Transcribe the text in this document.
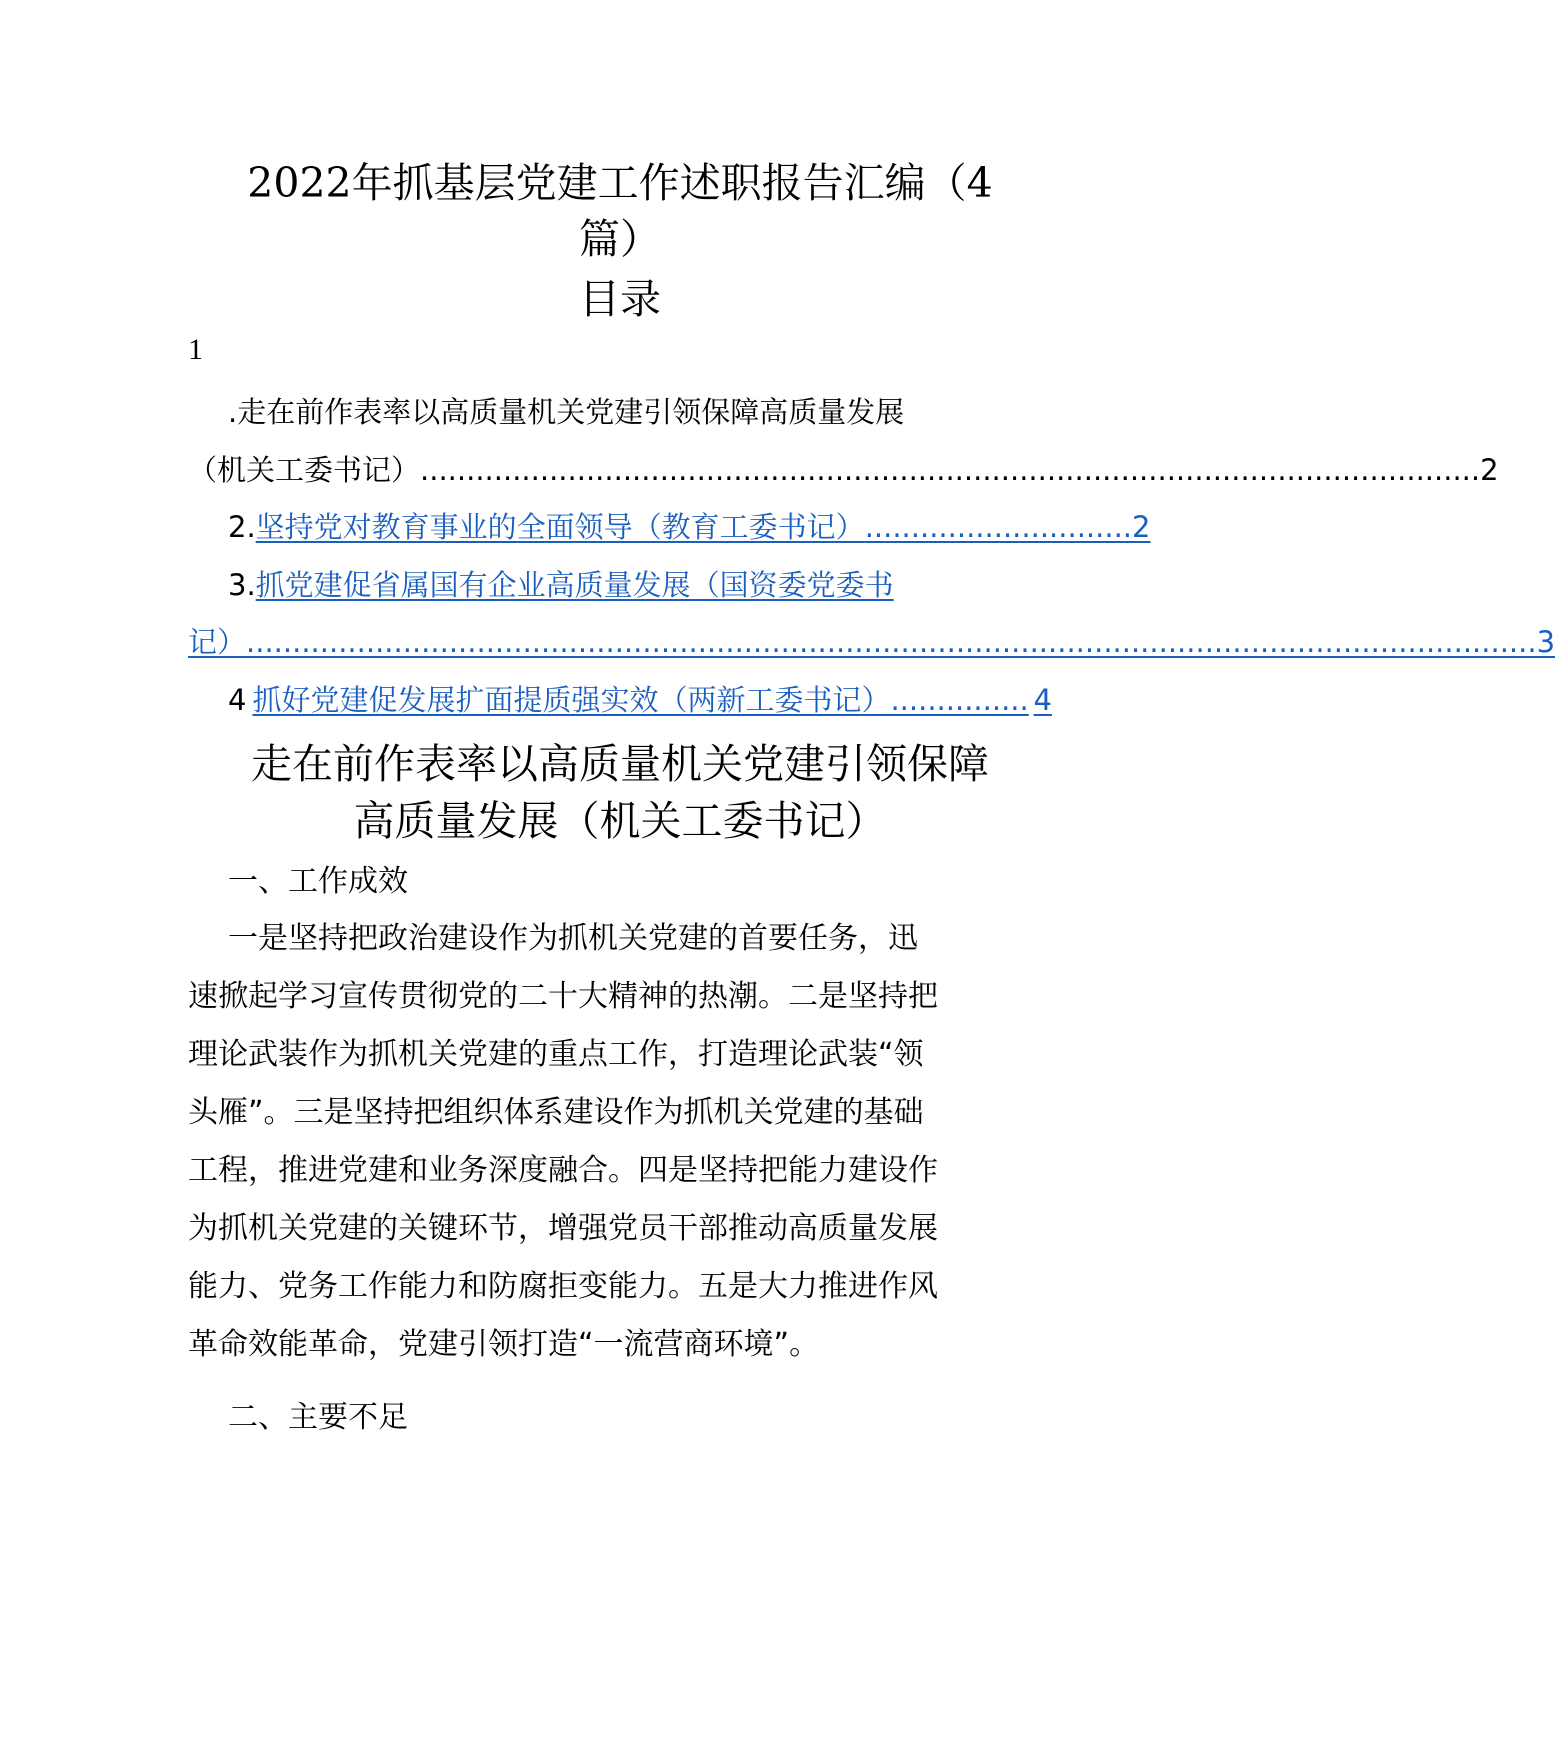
2022年抓基层党建工作述职报告汇编（4
篇）
目录
1
.走在前作表率以高质量机关党建引领保障高质量发展
（机关工委书记） ................................................................................................................... 2
2. 坚持党对教育事业的全面领导（教育工委书记） ............................. 2
3.抓党建促省属国有企业高质量发展（国资委党委书
记） ............................................................................................................................................ 3
4 抓好党建促发展扩面提质强实效（两新工委书记） ............... 4
走在前作表率以高质量机关党建引领保障
高质量发展（机关工委书记）
一、工作成效
一是坚持把政治建设作为抓机关党建的首要任务，迅
速掀起学习宣传贯彻党的二十大精神的热潮。二是坚持把
理论武装作为抓机关党建的重点工作，打造理论武装“领
头雁”。三是坚持把组织体系建设作为抓机关党建的基础
工程，推进党建和业务深度融合。四是坚持把能力建设作
为抓机关党建的关键环节，增强党员干部推动高质量发展
能力、党务工作能力和防腐拒变能力。五是大力推进作风
革命效能革命，党建引领打造“一流营商环境”。
二、主要不足
